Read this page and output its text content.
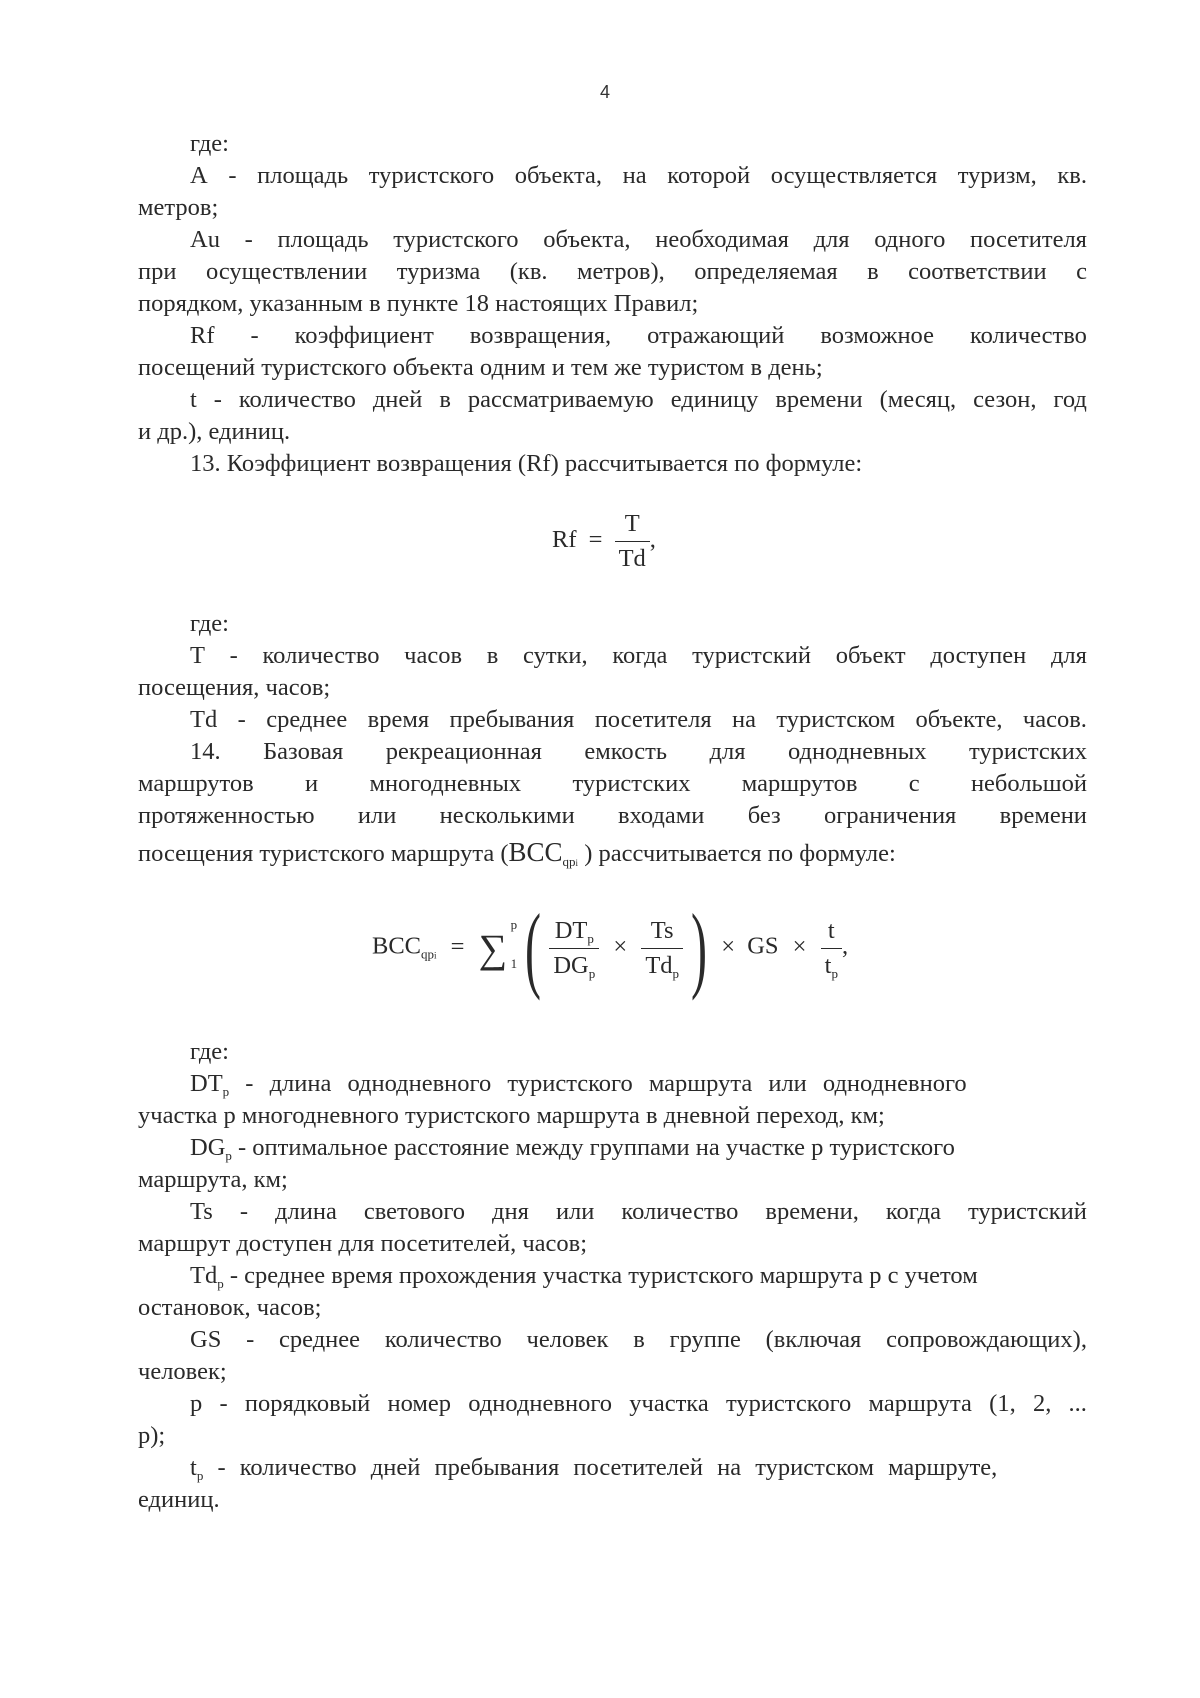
4

где:

А - площадь туристского объекта, на которой осуществляется туризм, кв.
метров;
Au - площадь туристского объекта, необходимая для одного посетителя
при осуществлении туризма (кв. метров), определяемая в соответствии с
порядком, указанным в пункте 18 настоящих Правил;
Rf - коэффициент возвращения, отражающий возможное количество
посещений туристского объекта одним и тем же туристом в день;
t - количество дней в рассматриваемую единицу времени (месяц, сезон, год
и др.), единиц.

13. Коэффициент возвращения (Rf) рассчитывается по формуле:

$Rf = \frac{T}{Td}$ ,

где:

Т - количество часов в сутки, когда туристский объект доступен для
посещения, часов;
Td - среднее время пребывания посетителя на туристском объекте, часов.
14. Базовая рекреационная емкость для однодневных туристских
маршрутов и многодневных туристских маршрутов с небольшой
протяженностью или несколькими входами без ограничения времени
посещения туристского маршрута ($BCC_{qpi}$ ) рассчитывается по формуле:
$BCC_{qpi}$ = ∑
p
1 ( $\frac{DT_p}{DG_p} \times \frac{Ts}{Td_p}$ ) × GS × $\frac{t}{t_p}$ ,

где:

$DT_p$ - длина однодневного туристского маршрута или однодневного
участка p многодневного туристского маршрута в дневной переход, км;
$DG_p$ - оптимальное расстояние между группами на участке p туристского
маршрута, км;
Ts - длина светового дня или количество времени, когда туристский
маршрут доступен для посетителей, часов;
$Td_p$ - среднее время прохождения участка туристского маршрута p с учетом
остановок, часов;
GS - среднее количество человек в группе (включая сопровождающих),
человек;
p - порядковый номер однодневного участка туристского маршрута (1, 2, ...
p);
$t_p$ - количество дней пребывания посетителей на туристском маршруте,
единиц.
